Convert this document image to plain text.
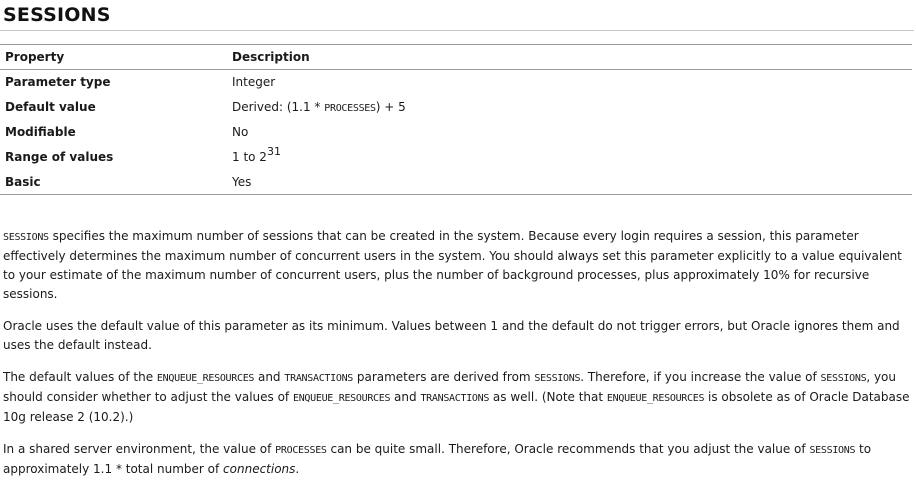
SESSIONS
Property	Description
Parameter type	Integer
Default value	Derived: (1.1 * PROCESSES) + 5
Modifiable	No
Range of values	1 to $2^{31}$
Basic	Yes

SESSIONS specifies the maximum number of sessions that can be created in the system. Because every login requires a session, this parameter effectively determines the maximum number of concurrent users in the system. You should always set this parameter explicitly to a value equivalent to your estimate of the maximum number of concurrent users, plus the number of background processes, plus approximately 10% for recursive sessions.

Oracle uses the default value of this parameter as its minimum. Values between 1 and the default do not trigger errors, but Oracle ignores them and uses the default instead.

The default values of the ENQUEUE_RESOURCES and TRANSACTIONS parameters are derived from SESSIONS. Therefore, if you increase the value of SESSIONS, you should consider whether to adjust the values of ENQUEUE_RESOURCES and TRANSACTIONS as well. (Note that ENQUEUE_RESOURCES is obsolete as of Oracle Database 10g release 2 (10.2).)

In a shared server environment, the value of PROCESSES can be quite small. Therefore, Oracle recommends that you adjust the value of SESSIONS to approximately 1.1 * total number of connections.
